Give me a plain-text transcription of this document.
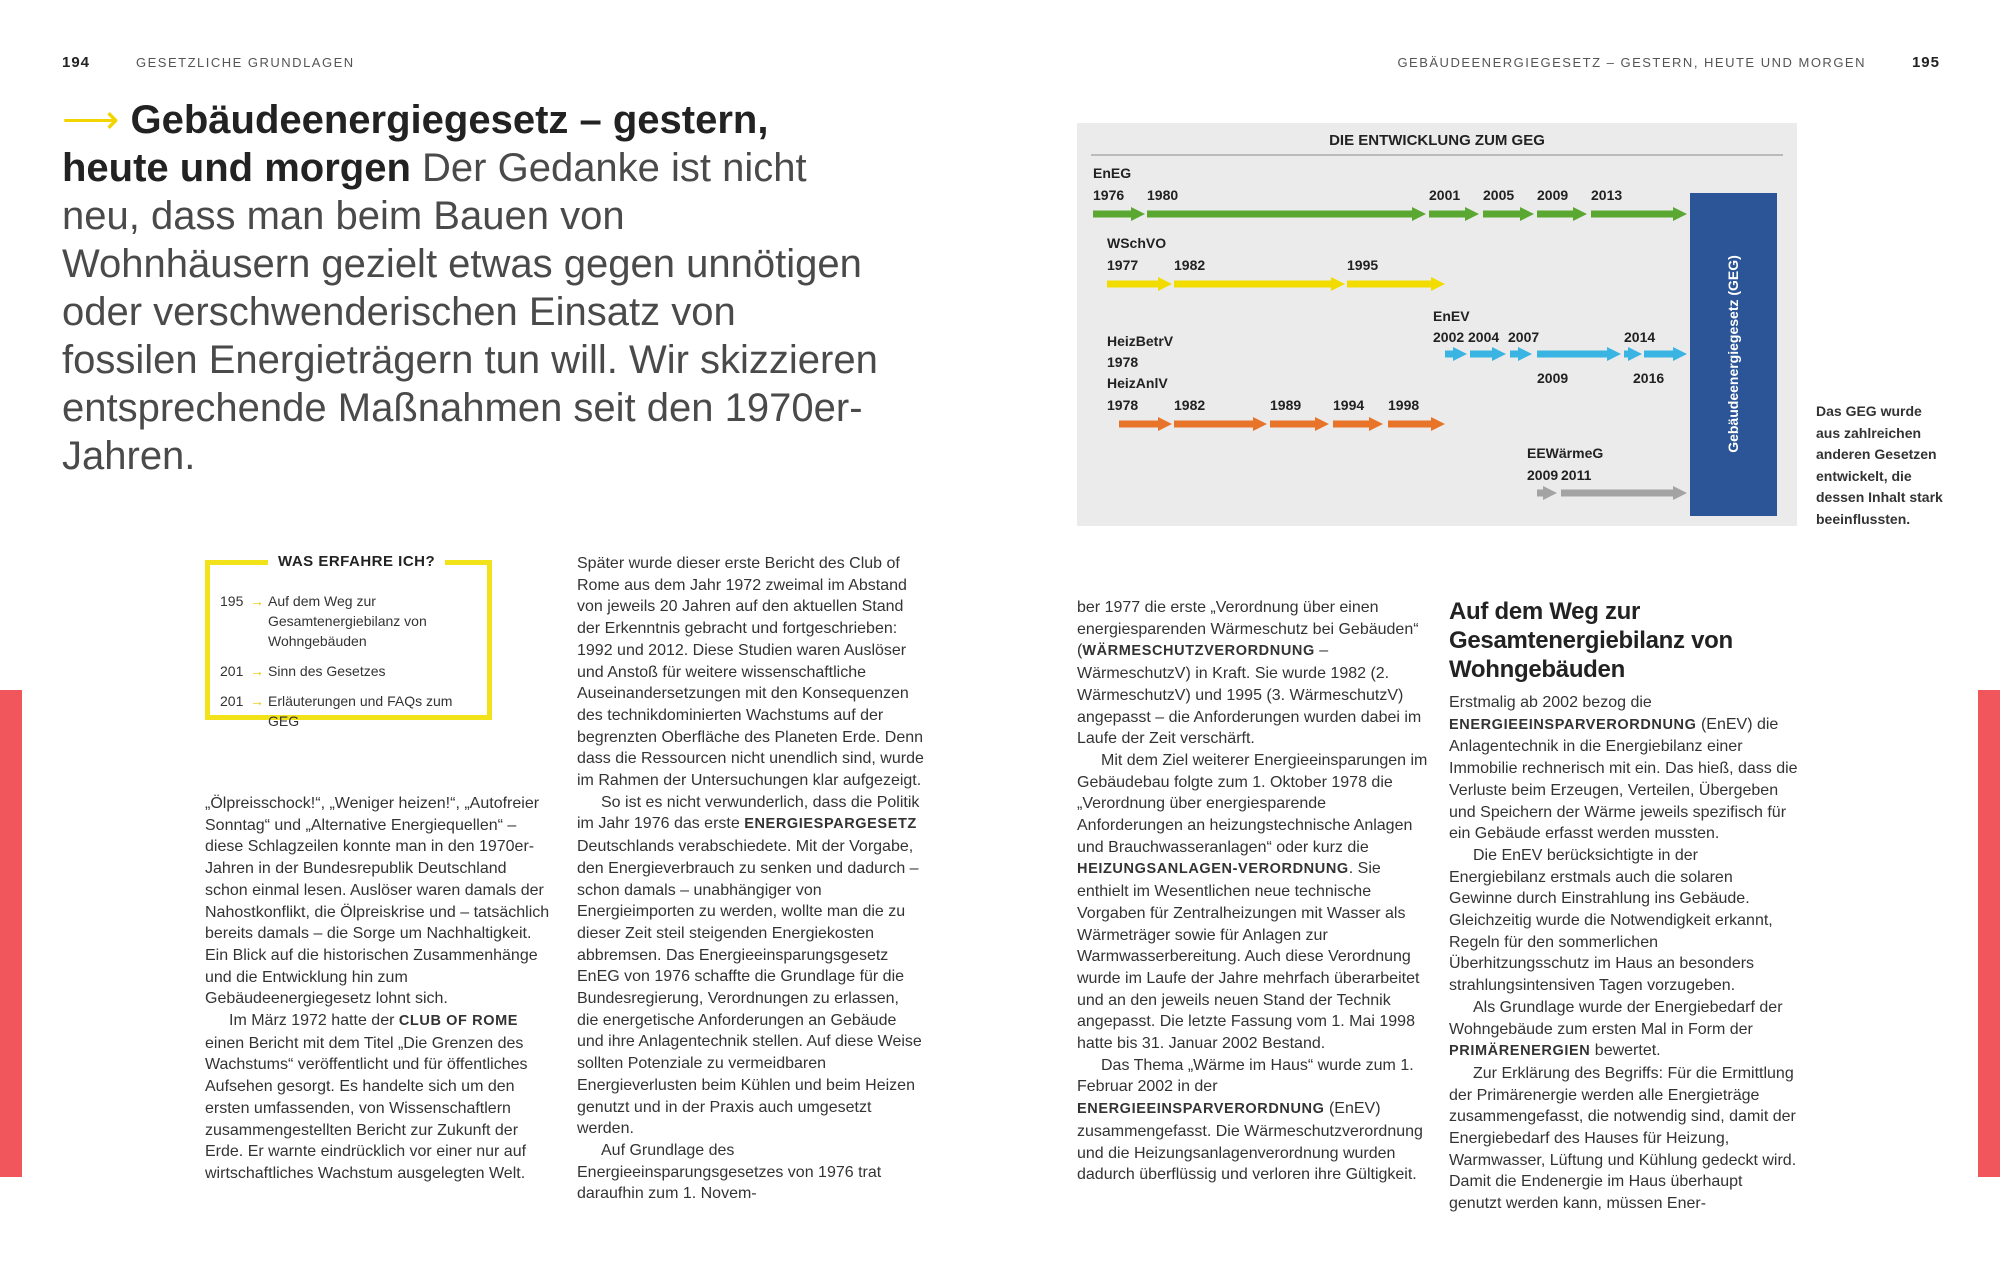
194	GESETZLICHE GRUNDLAGEN
⟶ Gebäudeenergiegesetz – gestern, heute und morgen Der Gedanke ist nicht neu, dass man beim Bauen von Wohnhäusern gezielt etwas gegen unnötigen oder verschwenderischen Einsatz von fossilen Energieträgern tun will. Wir skizzieren entsprechende Maßnahmen seit den 1970er-Jahren.
WAS ERFAHRE ICH?
195 → Auf dem Weg zur Gesamtenergiebilanz von Wohngebäuden
201 → Sinn des Gesetzes
201 → Erläuterungen und FAQs zum GEG

„Ölpreisschock!“, „Weniger heizen!“, „Autofreier Sonntag“ und „Alternative Energiequellen“ – diese Schlagzeilen konnte man in den 1970er-Jahren in der Bundesrepublik Deutschland schon einmal lesen. Auslöser waren damals der Nahostkonflikt, die Ölpreiskrise und – tatsächlich bereits damals – die Sorge um Nachhaltigkeit. Ein Blick auf die historischen Zusammenhänge und die Entwicklung hin zum Gebäudeenergiegesetz lohnt sich.

Im März 1972 hatte der CLUB OF ROME einen Bericht mit dem Titel „Die Grenzen des Wachstums“ veröffentlicht und für öffentliches Aufsehen gesorgt. Es handelte sich um den ersten umfassenden, von Wissenschaftlern zusammengestellten Bericht zur Zukunft der Erde. Er warnte eindrücklich vor einer nur auf wirtschaftliches Wachstum ausgelegten Welt.

Später wurde dieser erste Bericht des Club of Rome aus dem Jahr 1972 zweimal im Abstand von jeweils 20 Jahren auf den aktuellen Stand der Erkenntnis gebracht und fortgeschrieben: 1992 und 2012. Diese Studien waren Auslöser und Anstoß für weitere wissenschaftliche Auseinandersetzungen mit den Konsequenzen des technikdominierten Wachstums auf der begrenzten Oberfläche des Planeten Erde. Denn dass die Ressourcen nicht unendlich sind, wurde im Rahmen der Untersuchungen klar aufgezeigt.

So ist es nicht verwunderlich, dass die Politik im Jahr 1976 das erste ENERGIESPARGESETZ Deutschlands verabschiedete. Mit der Vorgabe, den Energieverbrauch zu senken und dadurch – schon damals – unabhängiger von Energieimporten zu werden, wollte man die zu dieser Zeit steil steigenden Energiekosten abbremsen. Das Energieeinsparungsgesetz EnEG von 1976 schaffte die Grundlage für die Bundesregierung, Verordnungen zu erlassen, die energetische Anforderungen an Gebäude und ihre Anlagentechnik stellen. Auf diese Weise sollten Potenziale zu vermeidbaren Energieverlusten beim Kühlen und beim Heizen genutzt und in der Praxis auch umgesetzt werden.

Auf Grundlage des Energieeinsparungsgesetzes von 1976 trat daraufhin zum 1. Novem-

GEBÄUDEENERGIEGESETZ – GESTERN, HEUTE UND MORGEN	195
DIE ENTWICKLUNG ZUM GEG
Gebäudeenergiegesetz (GEG)
EnEG
1976 1980	2001 2005 2009 2013
WSchVO
1977	1982	1995
EnEV
2002 2004 2007	2014
2009	2016
HeizBetrV
1978
HeizAnlV
1978	1982	1989 1994 1998
EEWärmeG
2009 2011
Das GEG wurde aus zahlreichen anderen Gesetzen entwickelt, die dessen Inhalt stark beeinflussten.

ber 1977 die erste „Verordnung über einen energiesparenden Wärmeschutz bei Gebäuden“ (WÄRMESCHUTZVERORDNUNG – WärmeschutzV) in Kraft. Sie wurde 1982 (2. WärmeschutzV) und 1995 (3. WärmeschutzV) angepasst – die Anforderungen wurden dabei im Laufe der Zeit verschärft.

Mit dem Ziel weiterer Energieeinsparungen im Gebäudebau folgte zum 1. Oktober 1978 die „Verordnung über energiesparende Anforderungen an heizungstechnische Anlagen und Brauchwasseranlagen“ oder kurz die HEIZUNGSANLAGEN-VERORDNUNG. Sie enthielt im Wesentlichen neue technische Vorgaben für Zentralheizungen mit Wasser als Wärmeträger sowie für Anlagen zur Warmwasserbereitung. Auch diese Verordnung wurde im Laufe der Jahre mehrfach überarbeitet und an den jeweils neuen Stand der Technik angepasst. Die letzte Fassung vom 1. Mai 1998 hatte bis 31. Januar 2002 Bestand.

Das Thema „Wärme im Haus“ wurde zum 1. Februar 2002 in der ENERGIEEINSPARVERORDNUNG (EnEV) zusammengefasst. Die Wärmeschutzverordnung und die Heizungsanlagenverordnung wurden dadurch überflüssig und verloren ihre Gültigkeit.

Auf dem Weg zur Gesamtenergiebilanz von Wohngebäuden

Erstmalig ab 2002 bezog die ENERGIEEINSPARVERORDNUNG (EnEV) die Anlagentechnik in die Energiebilanz einer Immobilie rechnerisch mit ein. Das hieß, dass die Verluste beim Erzeugen, Verteilen, Übergeben und Speichern der Wärme jeweils spezifisch für ein Gebäude erfasst werden mussten.

Die EnEV berücksichtigte in der Energiebilanz erstmals auch die solaren Gewinne durch Einstrahlung ins Gebäude. Gleichzeitig wurde die Notwendigkeit erkannt, Regeln für den sommerlichen Überhitzungsschutz im Haus an besonders strahlungsintensiven Tagen vorzugeben.

Als Grundlage wurde der Energiebedarf der Wohngebäude zum ersten Mal in Form der PRIMÄRENERGIEN bewertet.

Zur Erklärung des Begriffs: Für die Ermittlung der Primärenergie werden alle Energieträge zusammengefasst, die notwendig sind, damit der Energiebedarf des Hauses für Heizung, Warmwasser, Lüftung und Kühlung gedeckt wird. Damit die Endenergie im Haus überhaupt genutzt werden kann, müssen Ener-
